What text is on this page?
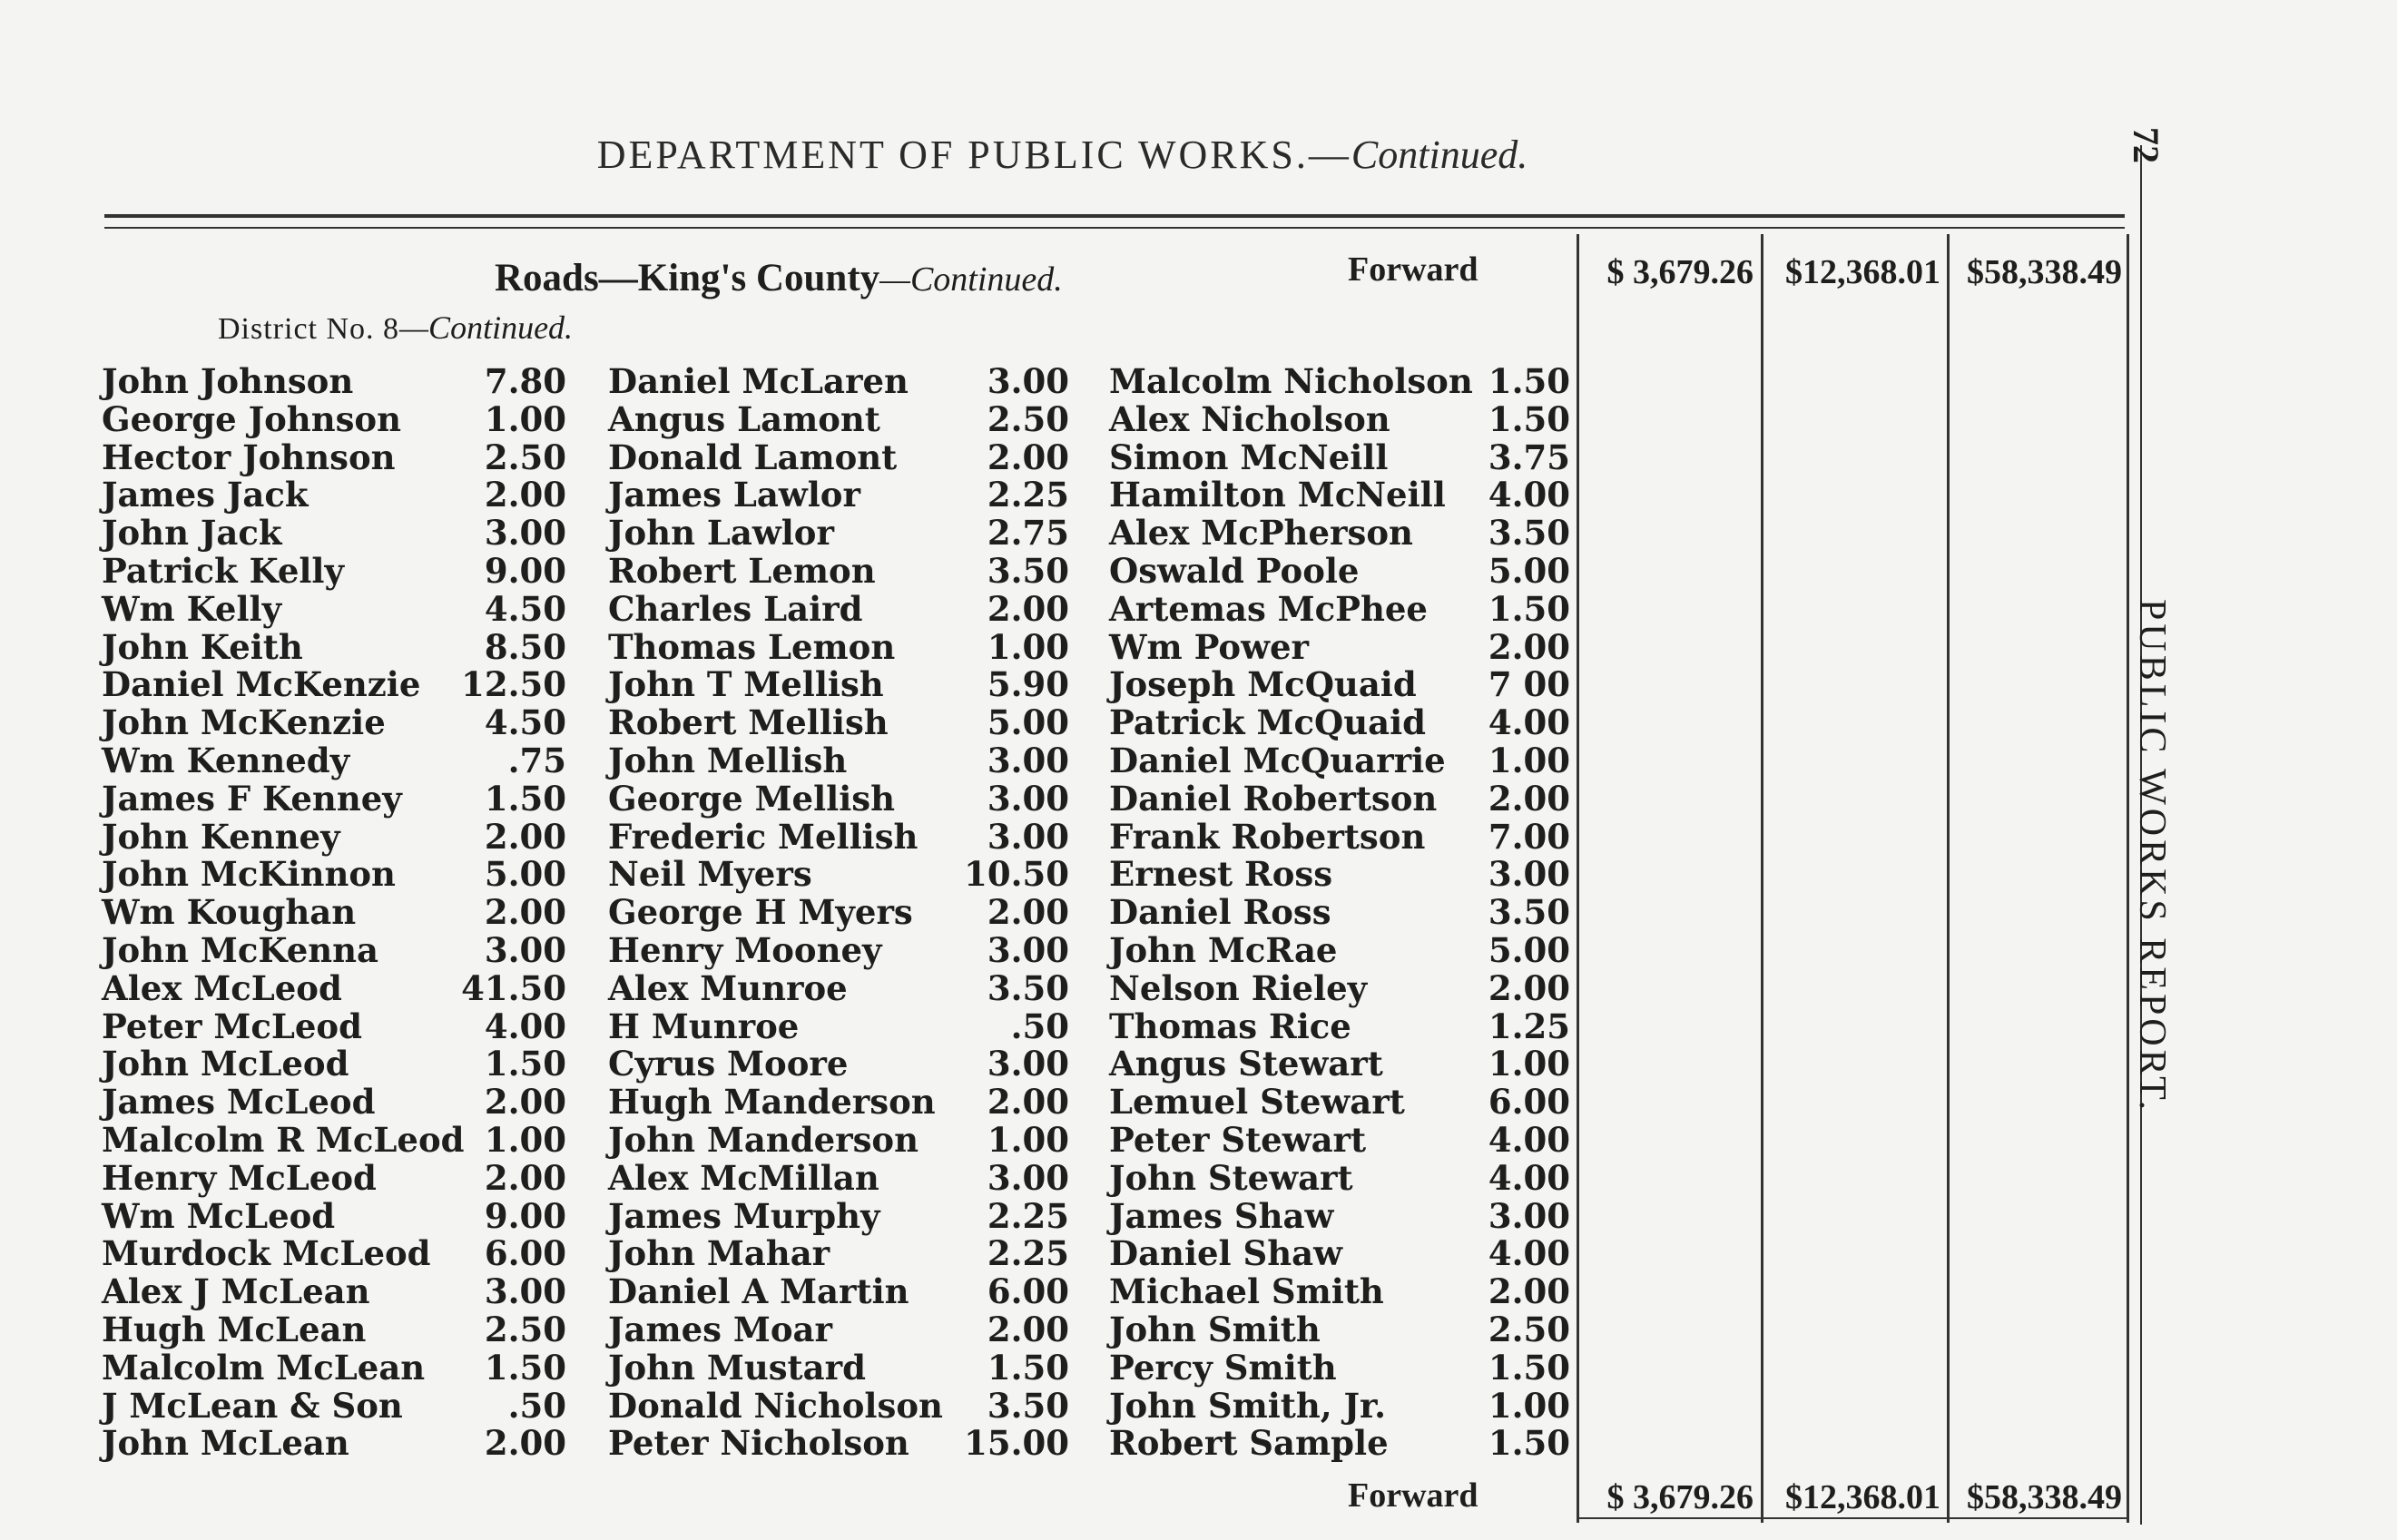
DEPARTMENT OF PUBLIC WORKS.—Continued.
Roads—King's County—Continued.
District No. 8—Continued.
Forward	$ 3,679.26 $12,368.01 $58,338.49
Forward	$ 3,679.26 $12,368.01 $58,338.49
John Johnson	7.80
George Johnson 1.00
Hector Johnson	2.50
James Jack	2.00
John Jack	3.00
Patrick Kelly	9.00
Wm Kelly	4.50
John Keith	8.50
Daniel McKenzie 12.50
John McKenzie	4.50
Wm Kennedy	.75
James F Kenney 1.50
John Kenney	2.00
John McKinnon	5.00
Wm Koughan	2.00
John McKenna	3.00
Alex McLeod	41.50
Peter McLeod	4.00
John McLeod	1.50
James McLeod	2.00
Malcolm R McLeod 1.00
Henry McLeod	2.00
Wm McLeod	9.00
Murdock McLeod 6.00
Alex J McLean	3.00
Hugh McLean	2.50
Malcolm McLean 1.50
J McLean & Son	.50
John McLean	2.00
Daniel McLaren 3.00
Angus Lamont	2.50
Donald Lamont	2.00
James Lawlor	2.25
John Lawlor	2.75
Robert Lemon	3.50
Charles Laird	2.00
Thomas Lemon	1.00
John T Mellish	5.90
Robert Mellish	5.00
John Mellish	3.00
George Mellish	3.00
Frederic Mellish 3.00
Neil Myers	10.50
George H Myers 2.00
Henry Mooney	3.00
Alex Munroe	3.50
H Munroe	.50
Cyrus Moore	3.00
Hugh Manderson 2.00
John Manderson 1.00
Alex McMillan	3.00
James Murphy	2.25
John Mahar	2.25
Daniel A Martin 6.00
James Moar	2.00
John Mustard	1.50
Donald Nicholson 3.50
Peter Nicholson 15.00
Malcolm Nicholson 1.50
Alex Nicholson	1.50
Simon McNeill	3.75
Hamilton McNeill 4.00
Alex McPherson 3.50
Oswald Poole	5.00
Artemas McPhee 1.50
Wm Power	2.00
Joseph McQuaid 7 00
Patrick McQuaid 4.00
Daniel McQuarrie 1.00
Daniel Robertson 2.00
Frank Robertson 7.00
Ernest Ross	3.00
Daniel Ross	3.50
John McRae	5.00
Nelson Rieley	2.00
Thomas Rice	1.25
Angus Stewart	1.00
Lemuel Stewart 6.00
Peter Stewart	4.00
John Stewart	4.00
James Shaw	3.00
Daniel Shaw	4.00
Michael Smith	2.00
John Smith	2.50
Percy Smith	1.50
John Smith, Jr.	1.00
Robert Sample	1.50
72
PUBLIC WORKS REPORT.
